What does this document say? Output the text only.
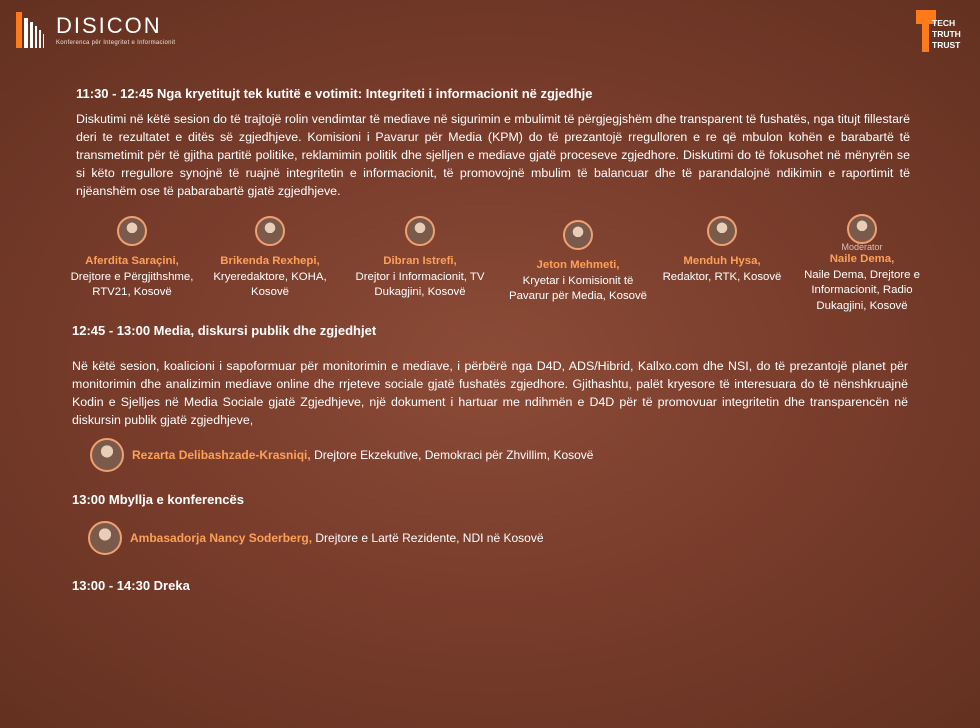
DISICON
Konferenca për Integritet e Informacionit
TECH
TRUTH
TRUST
11:30 - 12:45 Nga kryetitujt tek kutitë e votimit: Integriteti i informacionit në zgjedhje

Diskutimi në këtë sesion do të trajtojë rolin vendimtar të mediave në sigurimin e mbulimit të përgjegjshëm dhe transparent të fushatës, nga titujt fillestarë deri te rezultatet e ditës së zgjedhjeve. Komisioni i Pavarur për Media (KPM) do të prezantojë rregulloren e re që mbulon kohën e barabartë të transmetimit për të gjitha partitë politike, reklamimin politik dhe sjelljen e mediave gjatë proceseve zgjedhore. Diskutimi do të fokusohet në mënyrën se si këto rregullore synojnë të ruajnë integritetin e informacionit, të promovojnë mbulim të balancuar dhe të parandalojnë ndikimin e raportimit të njëanshëm ose të pabarabartë gjatë zgjedhjeve.

Aferdita Saraçini,
Drejtore e Përgjithshme, RTV21, Kosovë
Brikenda Rexhepi,
Kryeredaktore, KOHA, Kosovë
Dibran Istrefi,
Drejtor i Informacionit, TV Dukagjini, Kosovë
Jeton Mehmeti,
Kryetar i Komisionit të Pavarur për Media, Kosovë
Menduh Hysa,
Redaktor, RTK, Kosovë
Moderator
Naile Dema,
Naile Dema, Drejtore e Informacionit, Radio Dukagjini, Kosovë
12:45 - 13:00 Media, diskursi publik dhe zgjedhjet

Në këtë sesion, koalicioni i sapoformuar për monitorimin e mediave, i përbërë nga D4D, ADS/Hibrid, Kallxo.com dhe NSI, do të prezantojë planet për monitorimin dhe analizimin mediave online dhe rrjeteve sociale gjatë fushatës zgjedhore. Gjithashtu, palët kryesore të interesuara do të nënshkruajnë Kodin e Sjelljes në Media Sociale gjatë Zgjedhjeve, një dokument i hartuar me ndihmën e D4D për të promovuar integritetin dhe transparencën në diskursin publik gjatë zgjedhjeve,

Rezarta Delibashzade-Krasniqi, Drejtore Ekzekutive, Demokraci për Zhvillim, Kosovë
13:00 Mbyllja e konferencës
Ambasadorja Nancy Soderberg, Drejtore e Lartë Rezidente, NDI në Kosovë
13:00 - 14:30 Dreka
